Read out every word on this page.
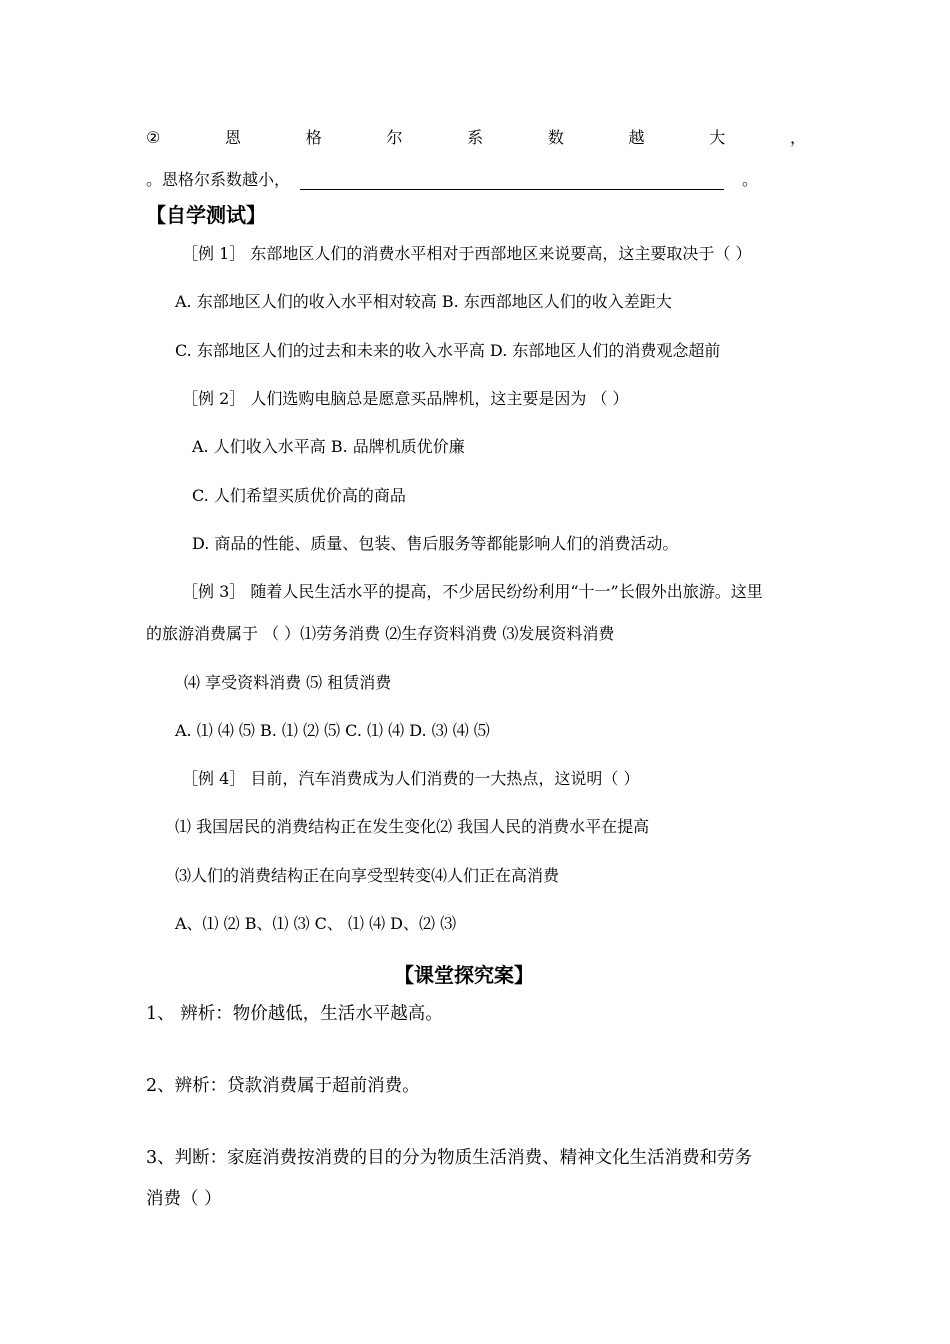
②	恩	格	尔	系	数	越	大	，
。恩格尔系数越小，	。
【自学测试】
［例 1］ 东部地区人们的消费水平相对于西部地区来说要高，这主要取决于（ ）
A. 东部地区人们的收入水平相对较高 B. 东西部地区人们的收入差距大
C. 东部地区人们的过去和未来的收入水平高 D. 东部地区人们的消费观念超前
［例 2］ 人们选购电脑总是愿意买品牌机，这主要是因为 （ ）
A. 人们收入水平高 B. 品牌机质优价廉
C. 人们希望买质优价高的商品
D. 商品的性能、质量、包装、售后服务等都能影响人们的消费活动。
［例 3］ 随着人民生活水平的提高，不少居民纷纷利用“十一”长假外出旅游。这里
的旅游消费属于 （ ）⑴劳务消费 ⑵生存资料消费 ⑶发展资料消费
⑷ 享受资料消费 ⑸ 租赁消费
A. ⑴ ⑷ ⑸ B. ⑴ ⑵ ⑸ C. ⑴ ⑷ D. ⑶ ⑷ ⑸
［例 4］ 目前，汽车消费成为人们消费的一大热点，这说明（ ）
⑴ 我国居民的消费结构正在发生变化⑵ 我国人民的消费水平在提高
⑶人们的消费结构正在向享受型转变⑷人们正在高消费
A、⑴ ⑵ B、⑴ ⑶ C、 ⑴ ⑷ D、⑵ ⑶
【课堂探究案】
1、 辨析：物价越低，生活水平越高。
2、辨析：贷款消费属于超前消费。
3、判断：家庭消费按消费的目的分为物质生活消费、精神文化生活消费和劳务
消费（ ）
